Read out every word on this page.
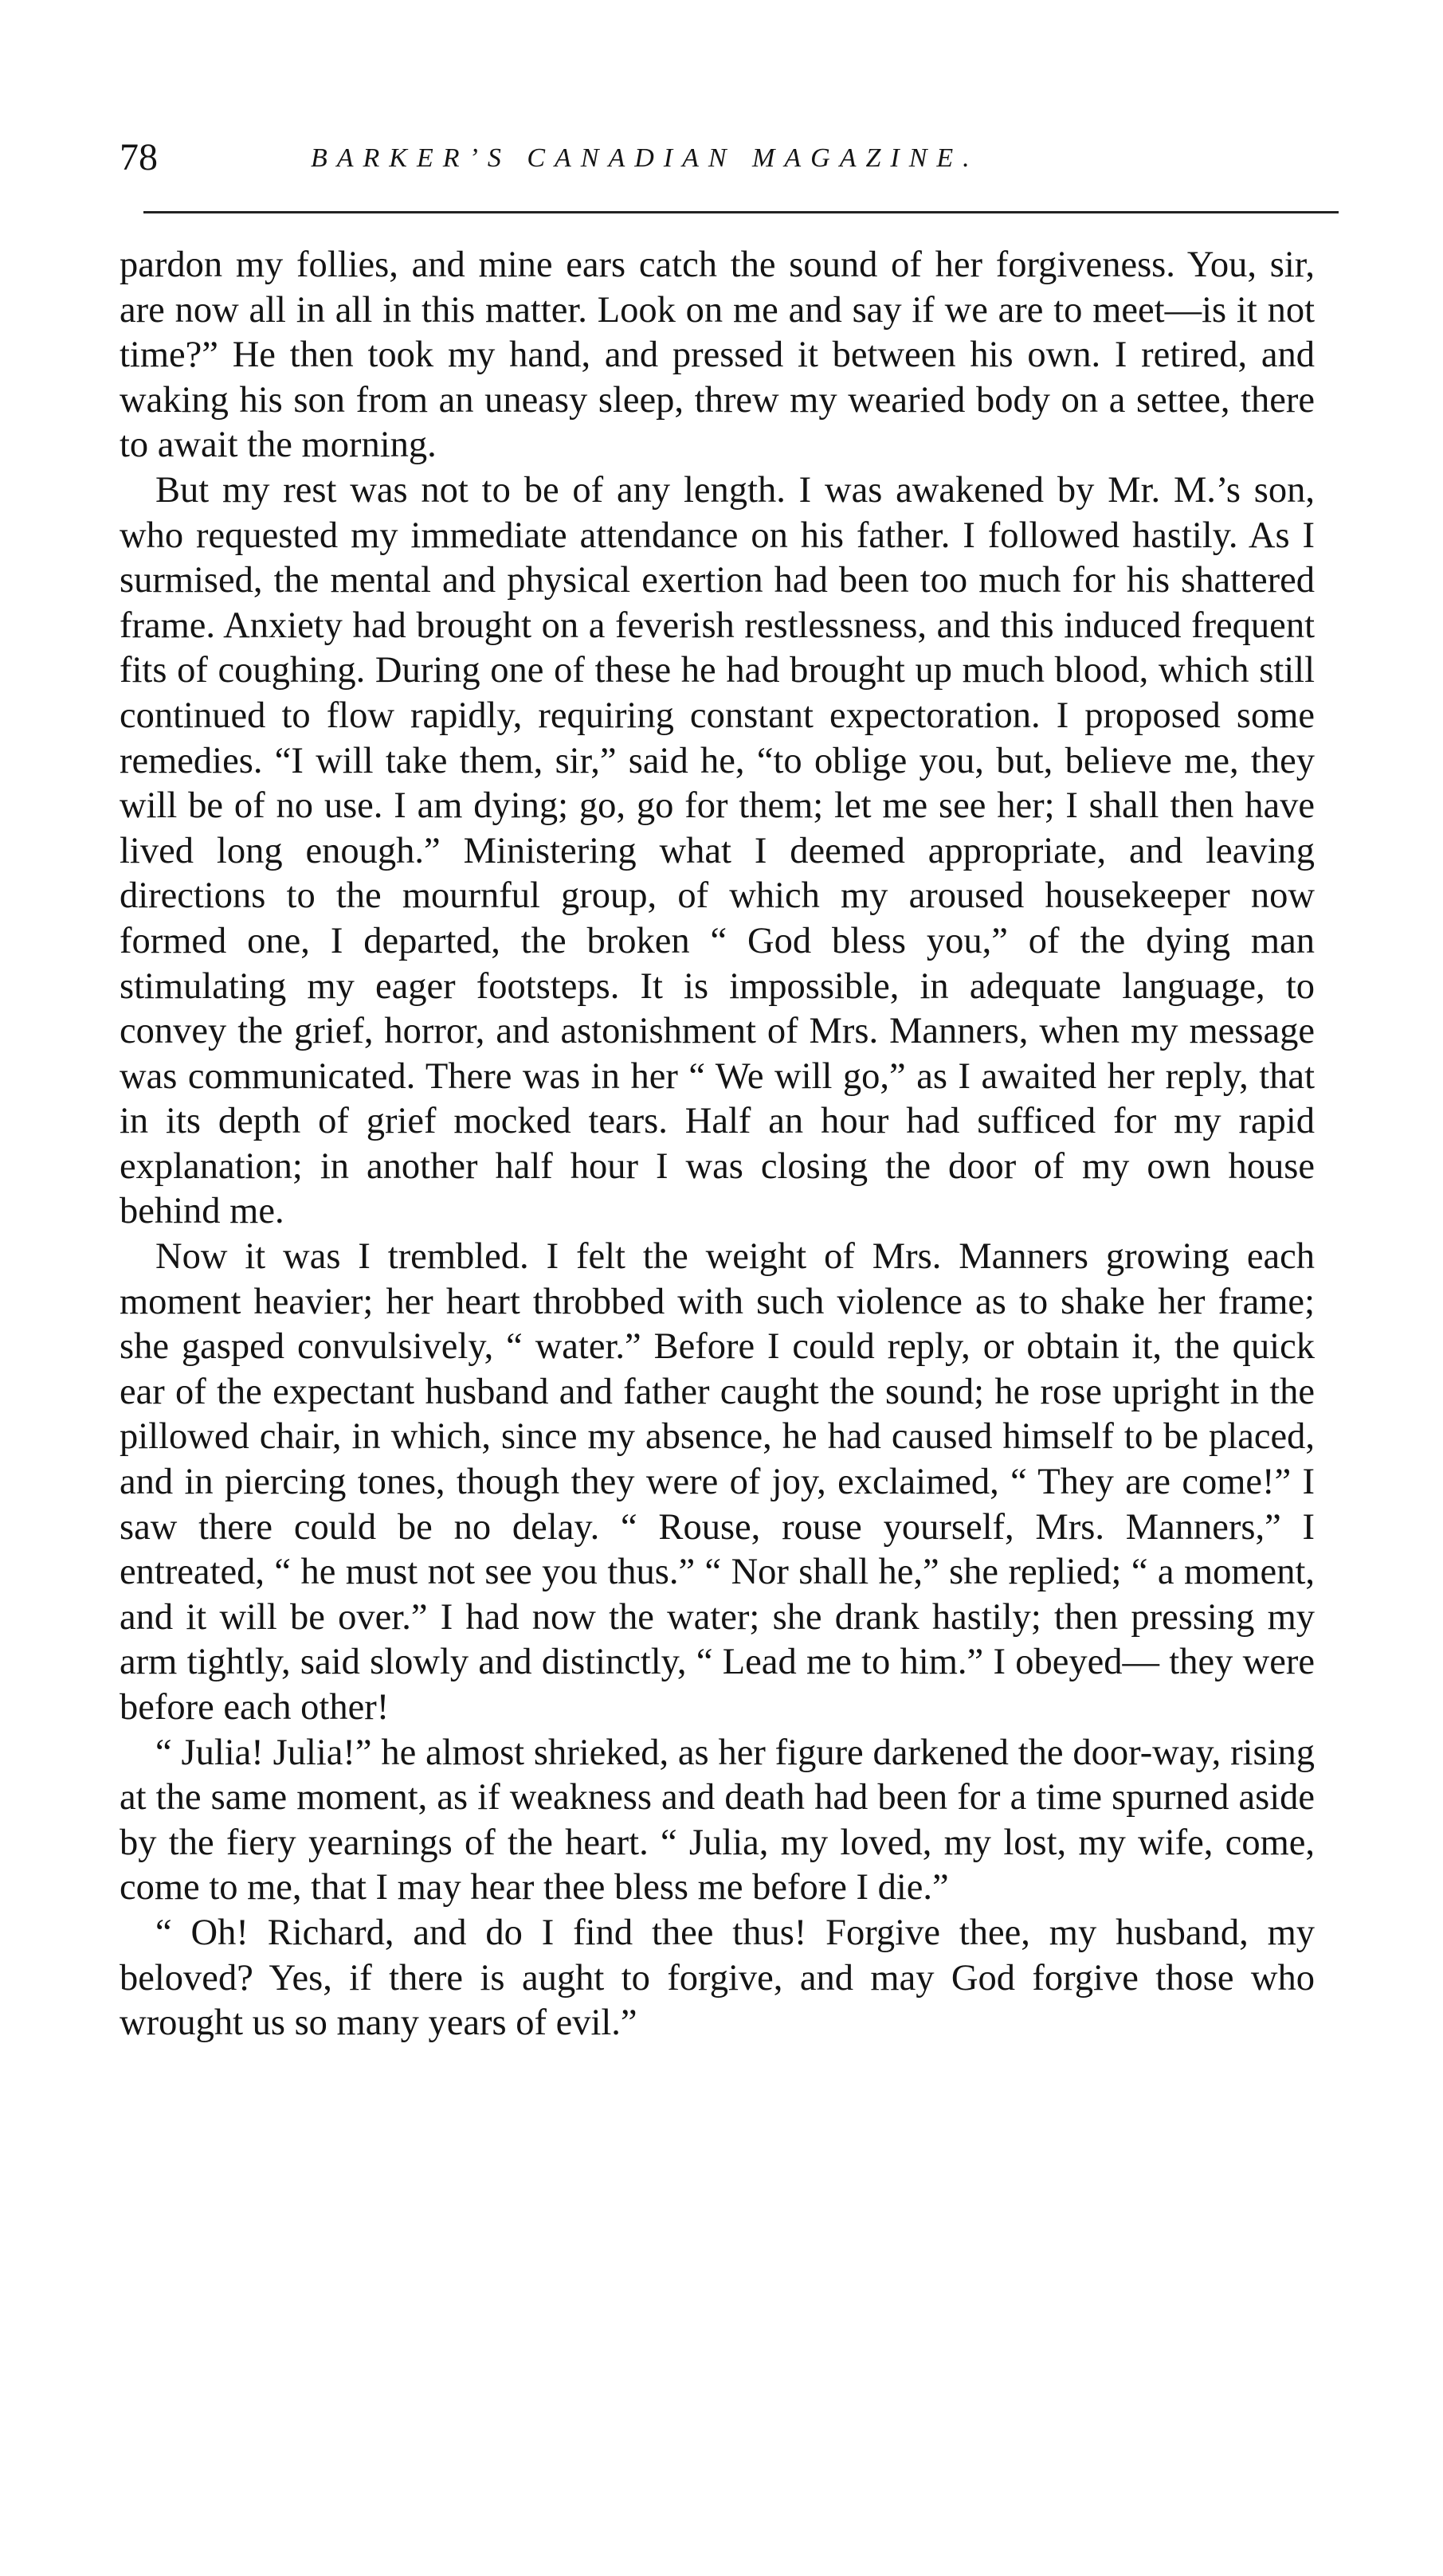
78	BARKER’S CANADIAN MAGAZINE.

pardon my follies, and mine ears catch the sound of her forgiveness. You, sir, are now all in all in this matter. Look on me and say if we are to meet—is it not time?” He then took my hand, and pressed it between his own. I retired, and waking his son from an uneasy sleep, threw my wearied body on a settee, there to await the morning.

But my rest was not to be of any length. I was awakened by Mr. M.’s son, who requested my immediate attendance on his father. I followed hastily. As I surmised, the mental and physical exertion had been too much for his shattered frame. Anxiety had brought on a feverish restlessness, and this induced frequent fits of coughing. During one of these he had brought up much blood, which still continued to flow rapidly, requiring constant expectoration. I proposed some remedies. “I will take them, sir,” said he, “to oblige you, but, believe me, they will be of no use. I am dying; go, go for them; let me see her; I shall then have lived long enough.” Ministering what I deemed appropriate, and leaving directions to the mournful group, of which my aroused housekeeper now formed one, I departed, the broken “ God bless you,” of the dying man stimulating my eager footsteps. It is impossible, in adequate language, to convey the grief, horror, and astonishment of Mrs. Manners, when my message was communicated. There was in her “ We will go,” as I awaited her reply, that in its depth of grief mocked tears. Half an hour had sufficed for my rapid explanation; in another half hour I was closing the door of my own house behind me.

Now it was I trembled. I felt the weight of Mrs. Manners growing each moment heavier; her heart throbbed with such violence as to shake her frame; she gasped convulsively, “ water.” Before I could reply, or obtain it, the quick ear of the expectant husband and father caught the sound; he rose upright in the pillowed chair, in which, since my absence, he had caused himself to be placed, and in piercing tones, though they were of joy, exclaimed, “ They are come!” I saw there could be no delay. “ Rouse, rouse yourself, Mrs. Manners,” I entreated, “ he must not see you thus.” “ Nor shall he,” she replied; “ a moment, and it will be over.” I had now the water; she drank hastily; then pressing my arm tightly, said slowly and distinctly, “ Lead me to him.” I obeyed— they were before each other!

“ Julia! Julia!” he almost shrieked, as her figure darkened the door-way, rising at the same moment, as if weakness and death had been for a time spurned aside by the fiery yearnings of the heart. “ Julia, my loved, my lost, my wife, come, come to me, that I may hear thee bless me before I die.”

“ Oh! Richard, and do I find thee thus! Forgive thee, my husband, my beloved? Yes, if there is aught to forgive, and may God forgive those who wrought us so many years of evil.”
